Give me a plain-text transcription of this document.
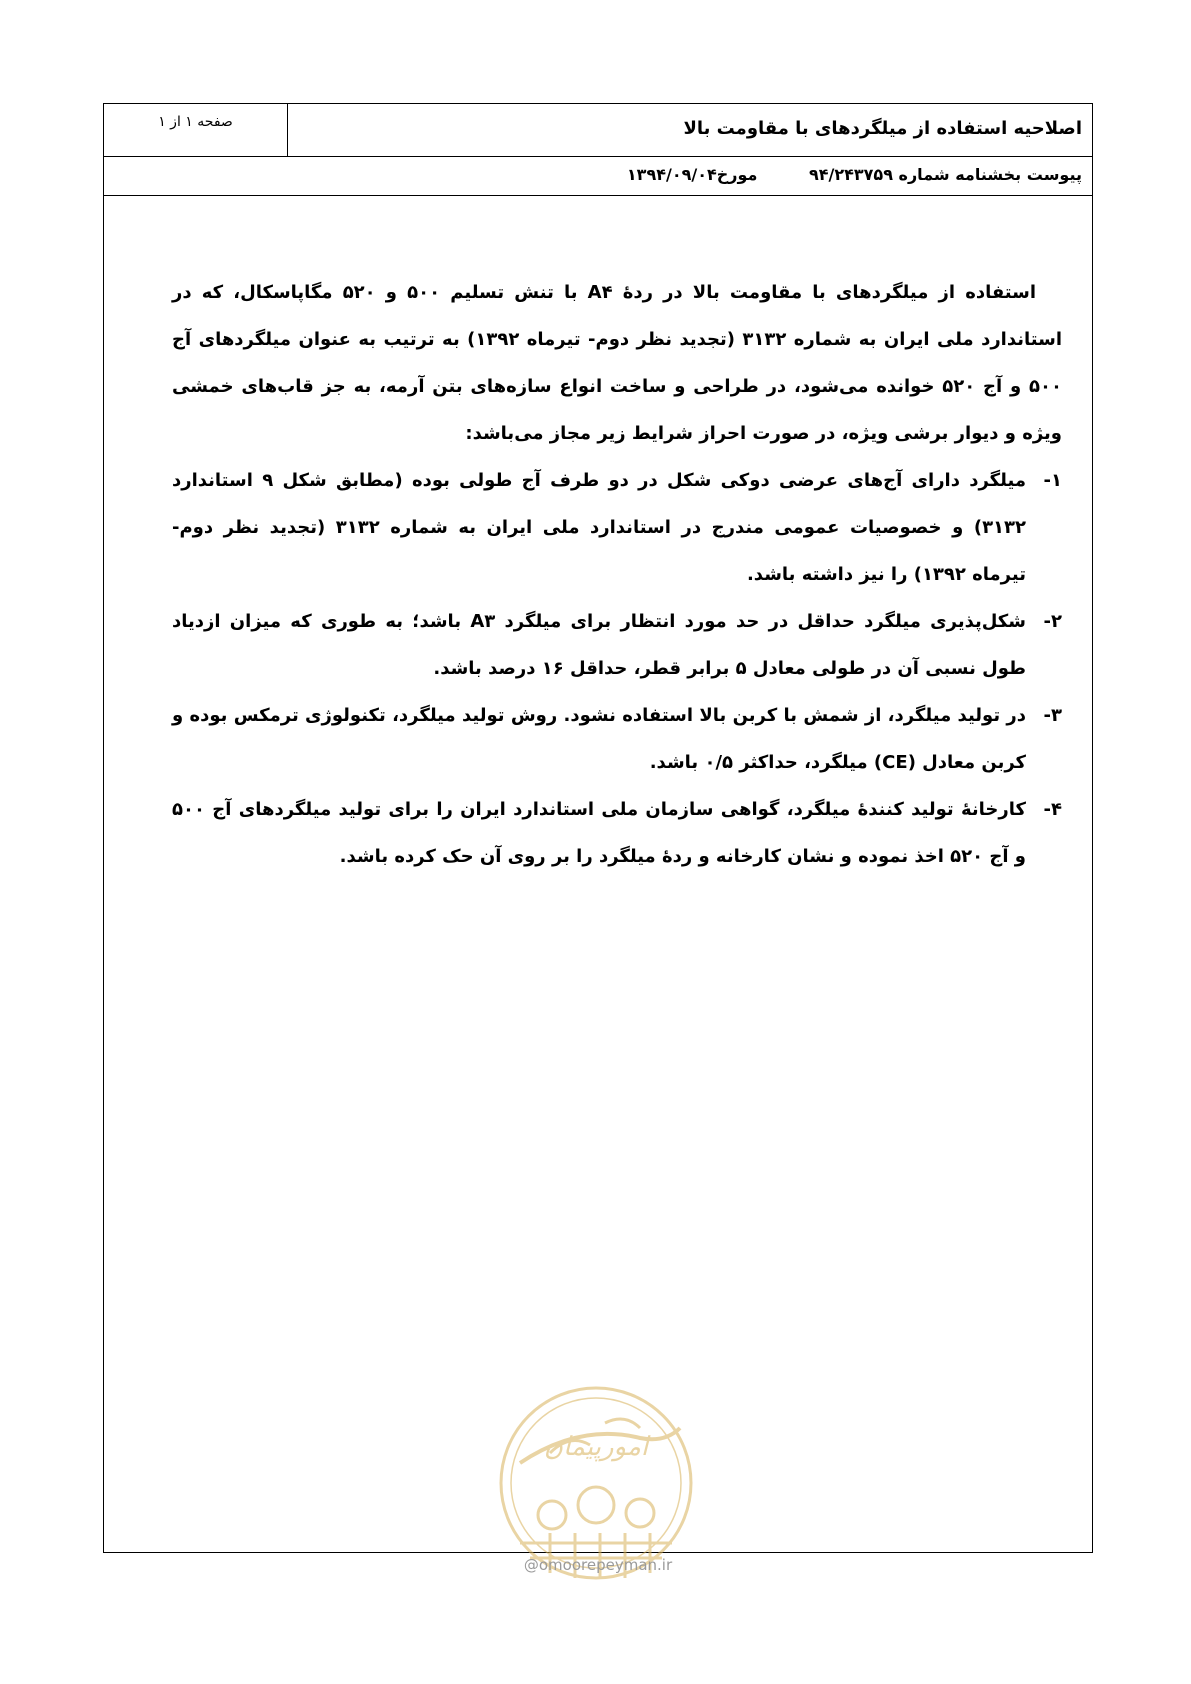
صفحه ۱ از ۱	اصلاحیه استفاده از میلگردهای با مقاومت بالا
پیوست بخشنامه شماره ۹۴/۲۴۳۷۵۹ مورخ۱۳۹۴/۰۹/۰۴

استفاده از میلگردهای با مقاومت بالا در ردهٔ A۴ با تنش تسلیم ۵۰۰ و ۵۲۰ مگاپاسکال، که در استاندارد ملی ایران به شماره ۳۱۳۲ (تجدید نظر دوم- تیرماه ۱۳۹۲) به ترتیب به عنوان میلگردهای آج ۵۰۰ و آج ۵۲۰ خوانده می‌شود، در طراحی و ساخت انواع سازه‌های بتن آرمه، به جز قاب‌های خمشی ویژه و دیوار برشی ویژه، در صورت احراز شرایط زیر مجاز می‌باشد:

۱-
میلگرد دارای آج‌های عرضی دوکی شکل در دو طرف آج طولی بوده (مطابق شکل ۹ استاندارد ۳۱۳۲) و خصوصیات عمومی مندرج در استاندارد ملی ایران به شماره ۳۱۳۲ (تجدید نظر دوم- تیرماه ۱۳۹۲) را نیز داشته باشد.
۲-
شکل‌پذیری میلگرد حداقل در حد مورد انتظار برای میلگرد A۳ باشد؛ به طوری که میزان ازدیاد طول نسبی آن در طولی معادل ۵ برابر قطر، حداقل ۱۶ درصد باشد.
۳-
در تولید میلگرد، از شمش با کربن بالا استفاده نشود. روش تولید میلگرد، تکنولوژی ترمکس بوده و کربن معادل (CE) میلگرد، حداکثر ۰/۵ باشد.
۴-
کارخانهٔ تولید کنندهٔ میلگرد، گواهی سازمان ملی استاندارد ایران را برای تولید میلگردهای آج ۵۰۰ و آج ۵۲۰ اخذ نموده و نشان کارخانه و ردهٔ میلگرد را بر روی آن حک کرده باشد.
امورپیمان
@omoorepeyman.ir
